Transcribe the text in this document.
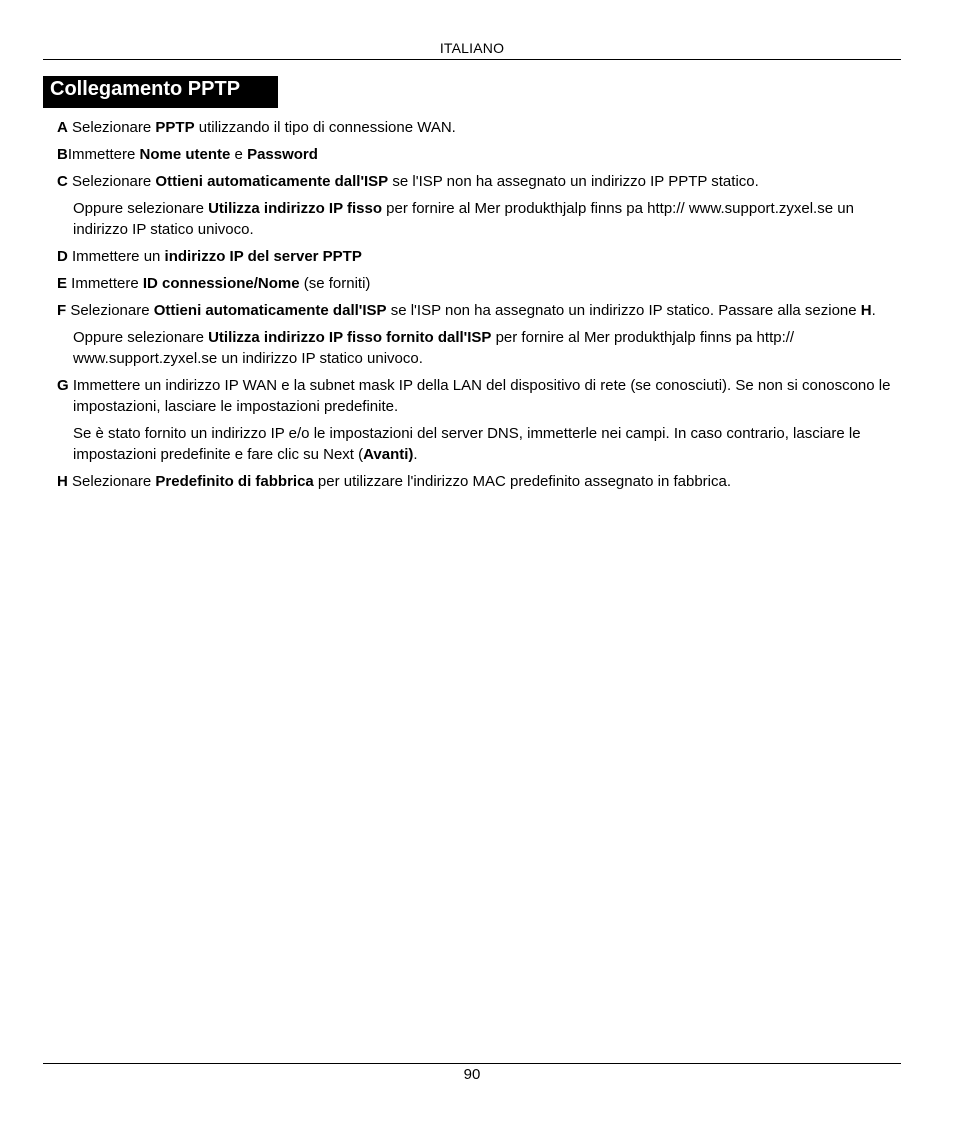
ITALIANO
Collegamento PPTP

A Selezionare PPTP utilizzando il tipo di connessione WAN.

BImmettere Nome utente e Password

C Selezionare Ottieni automaticamente dall'ISP se l'ISP non ha assegnato un indirizzo IP PPTP statico.

Oppure selezionare Utilizza indirizzo IP fisso per fornire al Mer produkthjalp finns pa http:// www.support.zyxel.se un indirizzo IP statico univoco.

D Immettere un indirizzo IP del server PPTP

E Immettere ID connessione/Nome (se forniti)

F Selezionare Ottieni automaticamente dall'ISP se l'ISP non ha assegnato un indirizzo IP statico. Passare alla sezione H.

Oppure selezionare Utilizza indirizzo IP fisso fornito dall'ISP per fornire al Mer produkthjalp finns pa http:// www.support.zyxel.se un indirizzo IP statico univoco.

G Immettere un indirizzo IP WAN e la subnet mask IP della LAN del dispositivo di rete (se conosciuti). Se non si conoscono le impostazioni, lasciare le impostazioni predefinite.

Se è stato fornito un indirizzo IP e/o le impostazioni del server DNS, immetterle nei campi. In caso contrario, lasciare le impostazioni predefinite e fare clic su Next (Avanti).

H Selezionare Predefinito di fabbrica per utilizzare l'indirizzo MAC predefinito assegnato in fabbrica.

90
